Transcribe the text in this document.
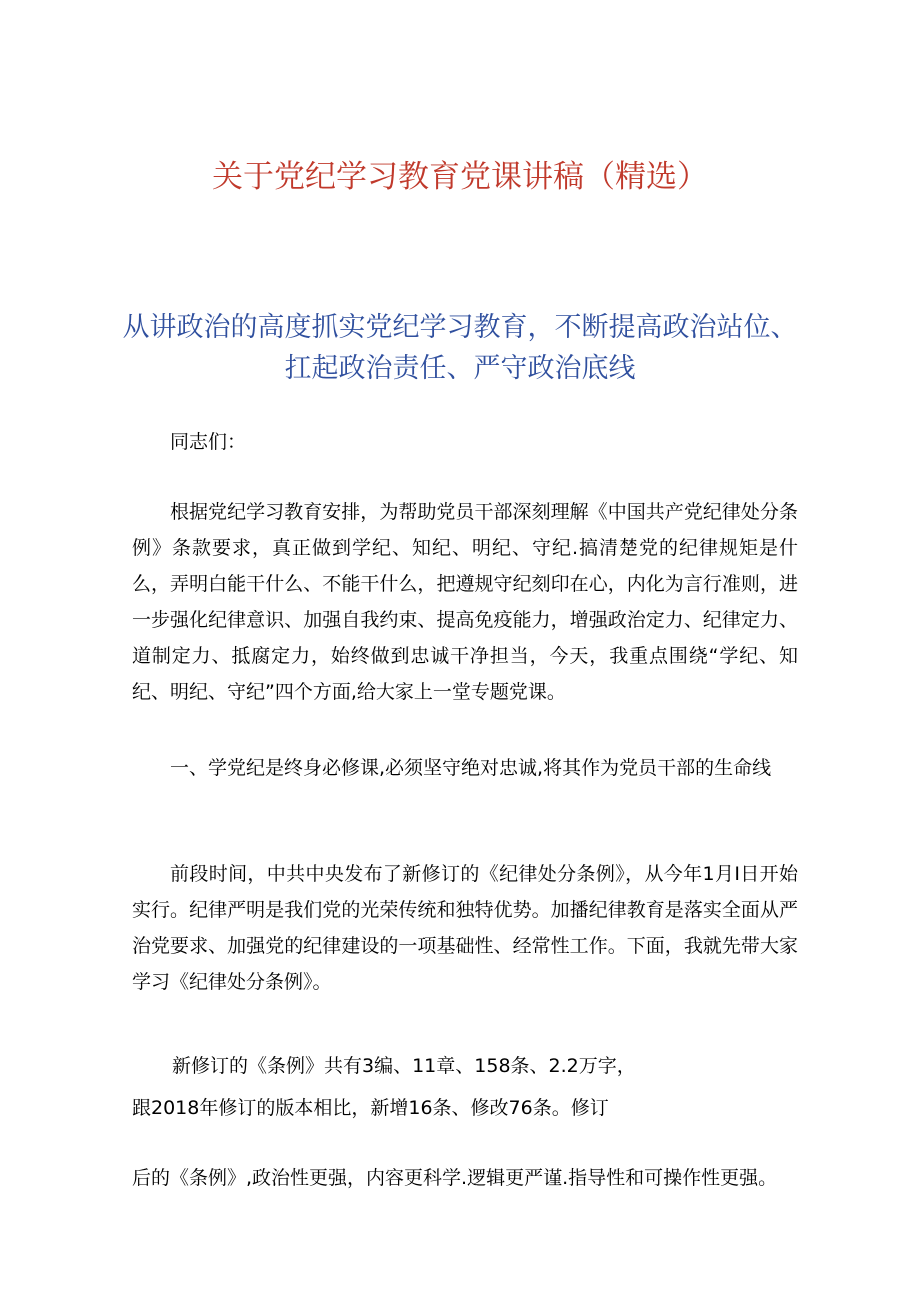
关于党纪学习教育党课讲稿（精选）
从讲政治的高度抓实党纪学习教育，不断提高政治站位、扛起政治责任、严守政治底线

同志们：

根据党纪学习教育安排，为帮助党员干部深刻理解《中国共产党纪律处分条例》条款要求，真正做到学纪、知纪、明纪、守纪.搞清楚党的纪律规矩是什么，弄明白能干什么、不能干什么，把遵规守纪刻印在心，内化为言行准则，进一步强化纪律意识、加强自我约束、提高免疫能力，增强政治定力、纪律定力、道制定力、抵腐定力，始终做到忠诚干净担当，今天，我重点围绕“学纪、知纪、明纪、守纪”四个方面,给大家上一堂专题党课。

一、学党纪是终身必修课,必须坚守绝对忠诚,将其作为党员干部的生命线

前段时间，中共中央发布了新修订的《纪律处分条例》，从今年1月I日开始实行。纪律严明是我们党的光荣传统和独特优势。加播纪律教育是落实全面从严治党要求、加强党的纪律建设的一项基础性、经常性工作。下面，我就先带大家学习《纪律处分条例》。

新修订的《条例》共有3编、11章、158条、2.2万字，

跟2018年修订的版本相比，新增16条、修改76条。修订

后的《条例》,政治性更强，内容更科学.逻辑更严谨.指导性和可操作性更强。
